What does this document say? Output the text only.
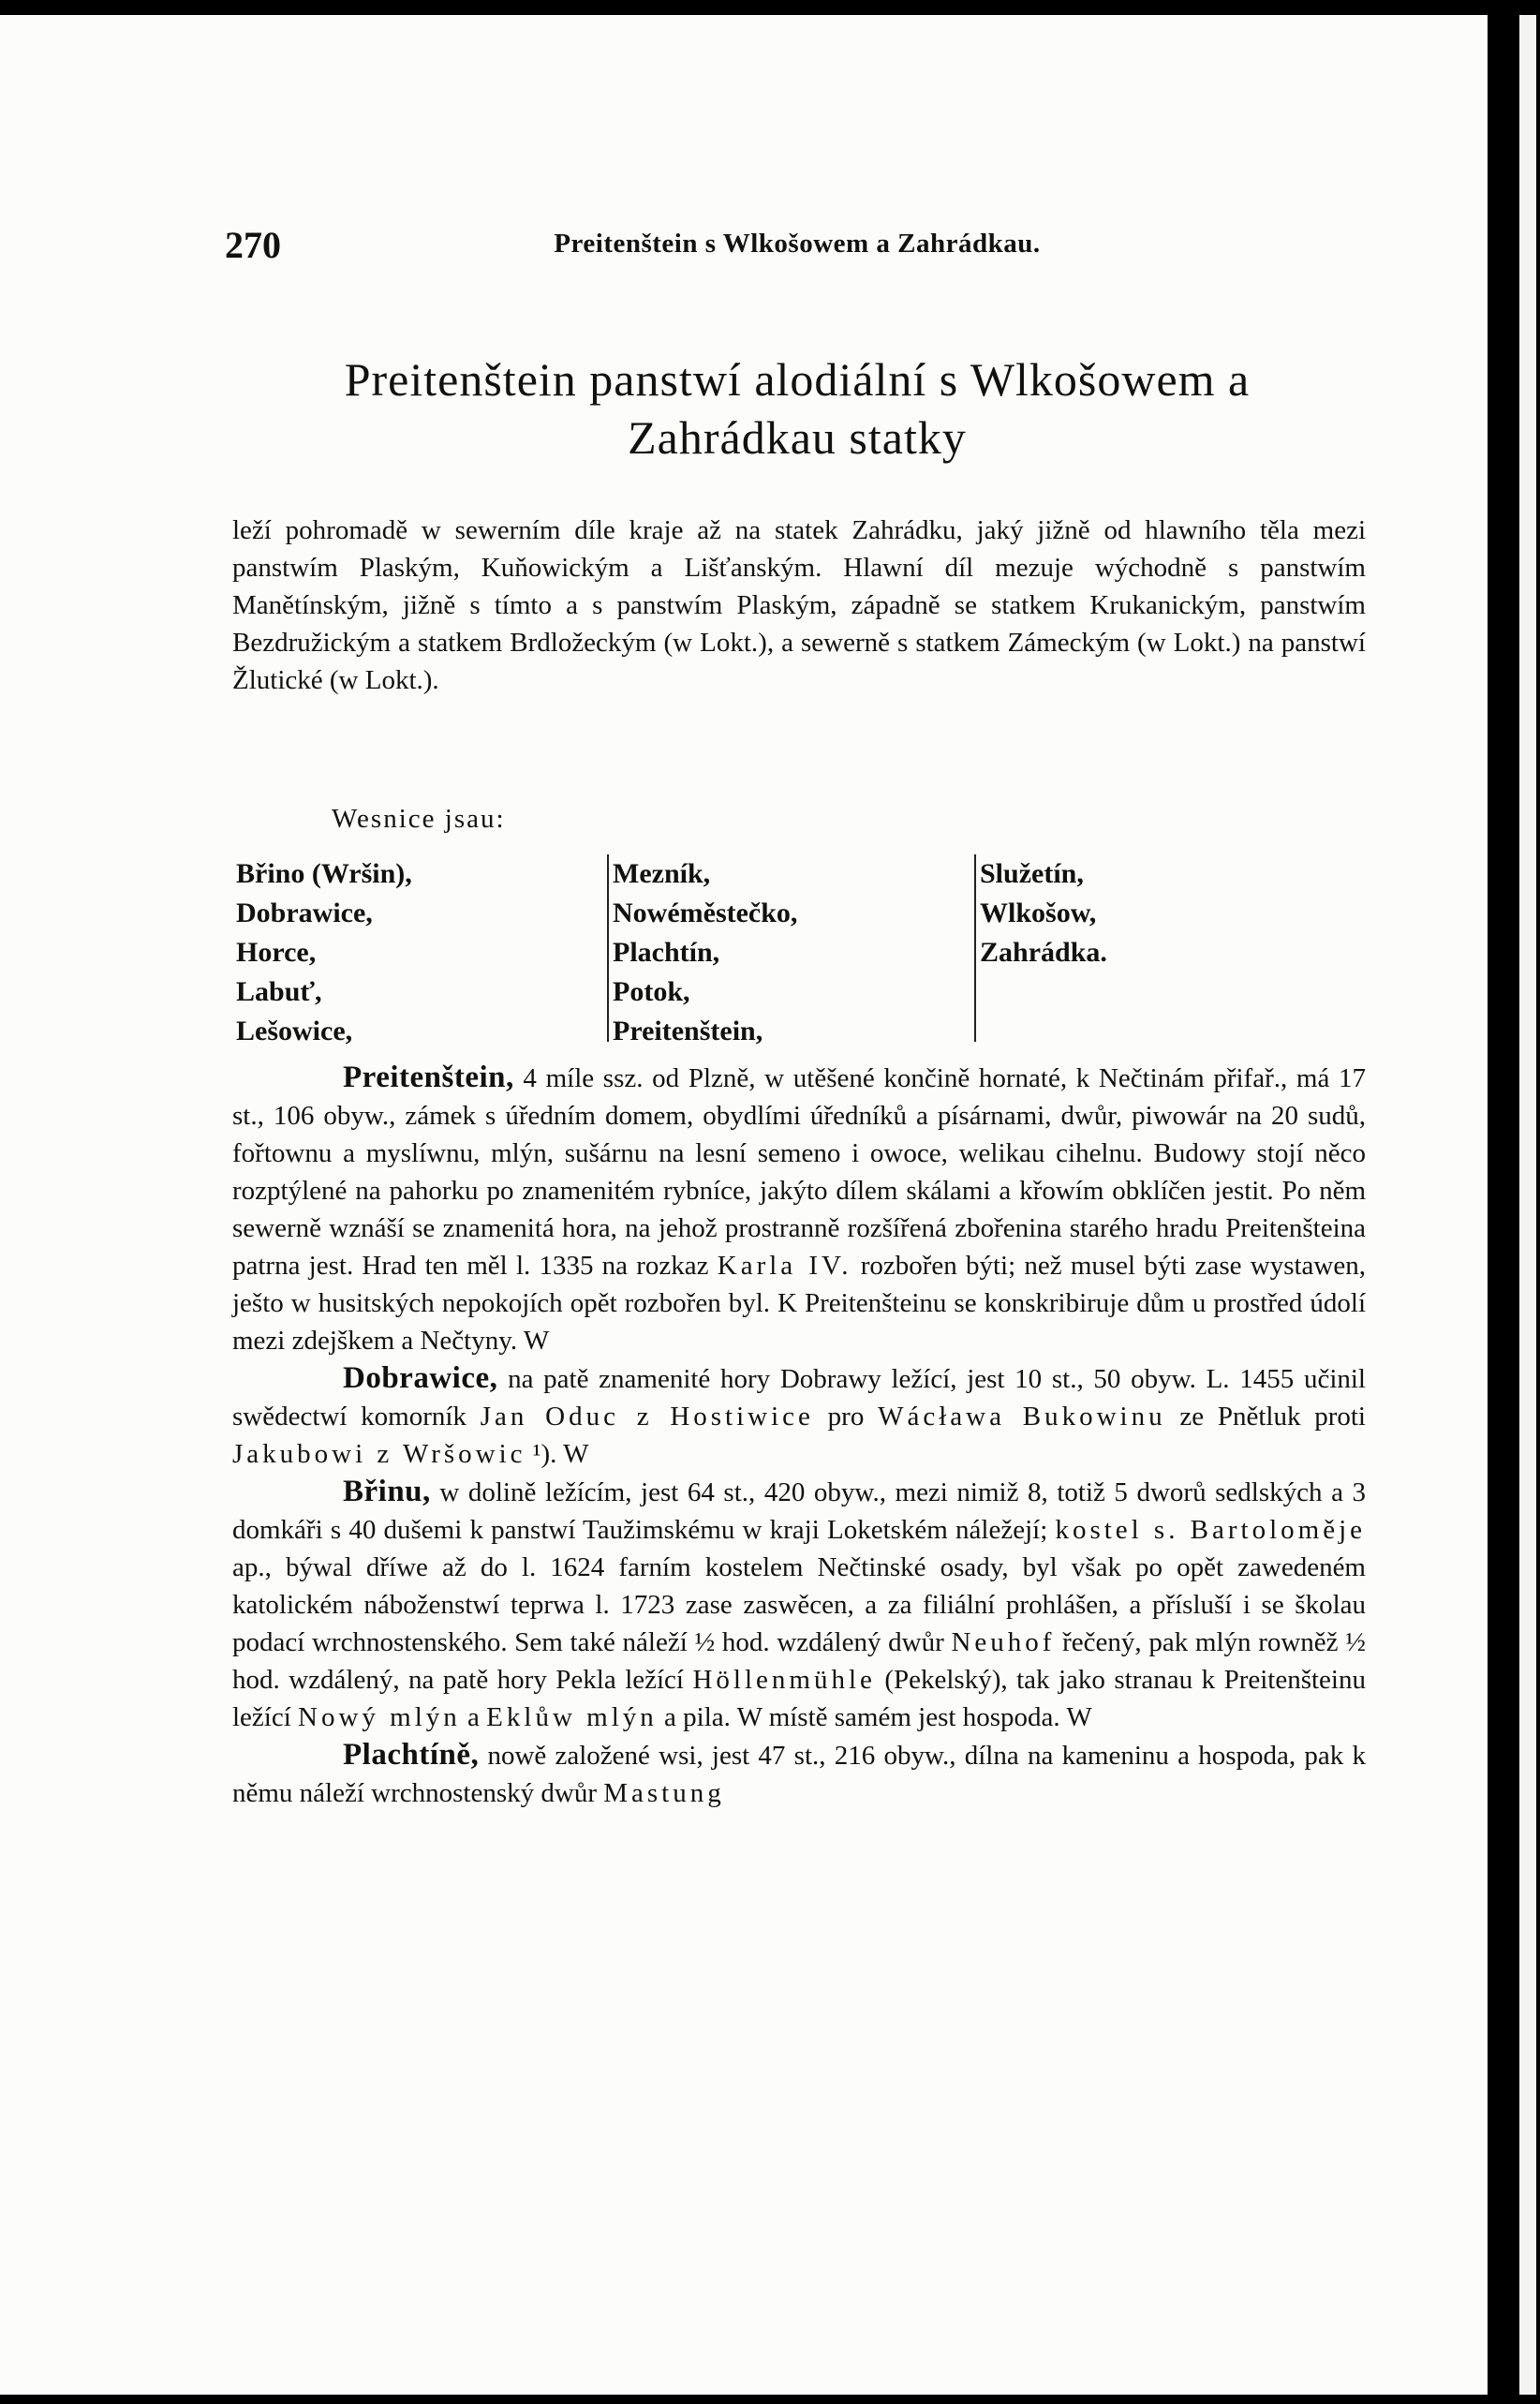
270	Preitenštein s Wlkošowem a Zahrádkau.
Preitenštein panstwí alodiální s Wlkošowem a
Zahrádkau statky
leží pohromadě w sewerním díle kraje až na statek Zahrádku, jaký jižně od hlawního těla mezi panstwím Plaským, Kuňowickým a Lišťanským. Hlawní díl mezuje wýchodně s panstwím Manětínským, jižně s tímto a s panstwím Plaským, západně se statkem Krukanickým, panstwím Bezdružickým a statkem Brdložeckým (w Lokt.), a sewerně s statkem Zámeckým (w Lokt.) na panstwí Žlutické (w Lokt.).
Wesnice jsau:
Břino (Wršin),
Dobrawice,
Horce,
Labuť,
Lešowice,
Mezník,
Nowéměstečko,
Plachtín,
Potok,
Preitenštein,
Služetín,
Wlkošow,
Zahrádka.

Preitenštein, 4 míle ssz. od Plzně, w utěšené končině hornaté, k Nečtinám přifař., má 17 st., 106 obyw., zámek s úředním domem, obydlími úředníků a písárnami, dwůr, piwowár na 20 sudů, fořtownu a myslíwnu, mlýn, sušárnu na lesní semeno i owoce, welikau cihelnu. Budowy stojí něco rozptýlené na pahorku po znamenitém rybníce, jakýto dílem skálami a křowím obklíčen jestit. Po něm sewerně wznáší se znamenitá hora, na jehož prostranně rozšířená zbořenina starého hradu Preitenšteina patrna jest. Hrad ten měl l. 1335 na rozkaz Karla IV. rozbořen býti; než musel býti zase wystawen, ješto w husitských nepokojích opět rozbořen byl. K Preitenšteinu se konskribiruje dům u prostřed údolí mezi zdejškem a Nečtyny. W

Dobrawice, na patě znamenité hory Dobrawy ležící, jest 10 st., 50 obyw. L. 1455 učinil swědectwí komorník Jan Oduc z Hostiwice pro Wácława Bukowinu ze Pnětluk proti Jakubowi z Wršowic ¹). W

Břinu, w dolině ležícím, jest 64 st., 420 obyw., mezi nimiž 8, totiž 5 dworů sedlských a 3 domkáři s 40 dušemi k panstwí Taužimskému w kraji Loketském náležejí; kostel s. Bartoloměje ap., býwal dříwe až do l. 1624 farním kostelem Nečtinské osady, byl však po opět zawedeném katolickém náboženstwí teprwa l. 1723 zase zaswěcen, a za filiální prohlášen, a přísluší i se školau podací wrchnostenského. Sem také náleží ½ hod. wzdálený dwůr Neuhof řečený, pak mlýn rowněž ½ hod. wzdálený, na patě hory Pekla ležící Höllenmühle (Pekelský), tak jako stranau k Preitenšteinu ležící Nowý mlýn a Eklůw mlýn a pila. W místě samém jest hospoda. W

Plachtíně, nowě založené wsi, jest 47 st., 216 obyw., dílna na kameninu a hospoda, pak k němu náleží wrchnostenský dwůr Mastung
